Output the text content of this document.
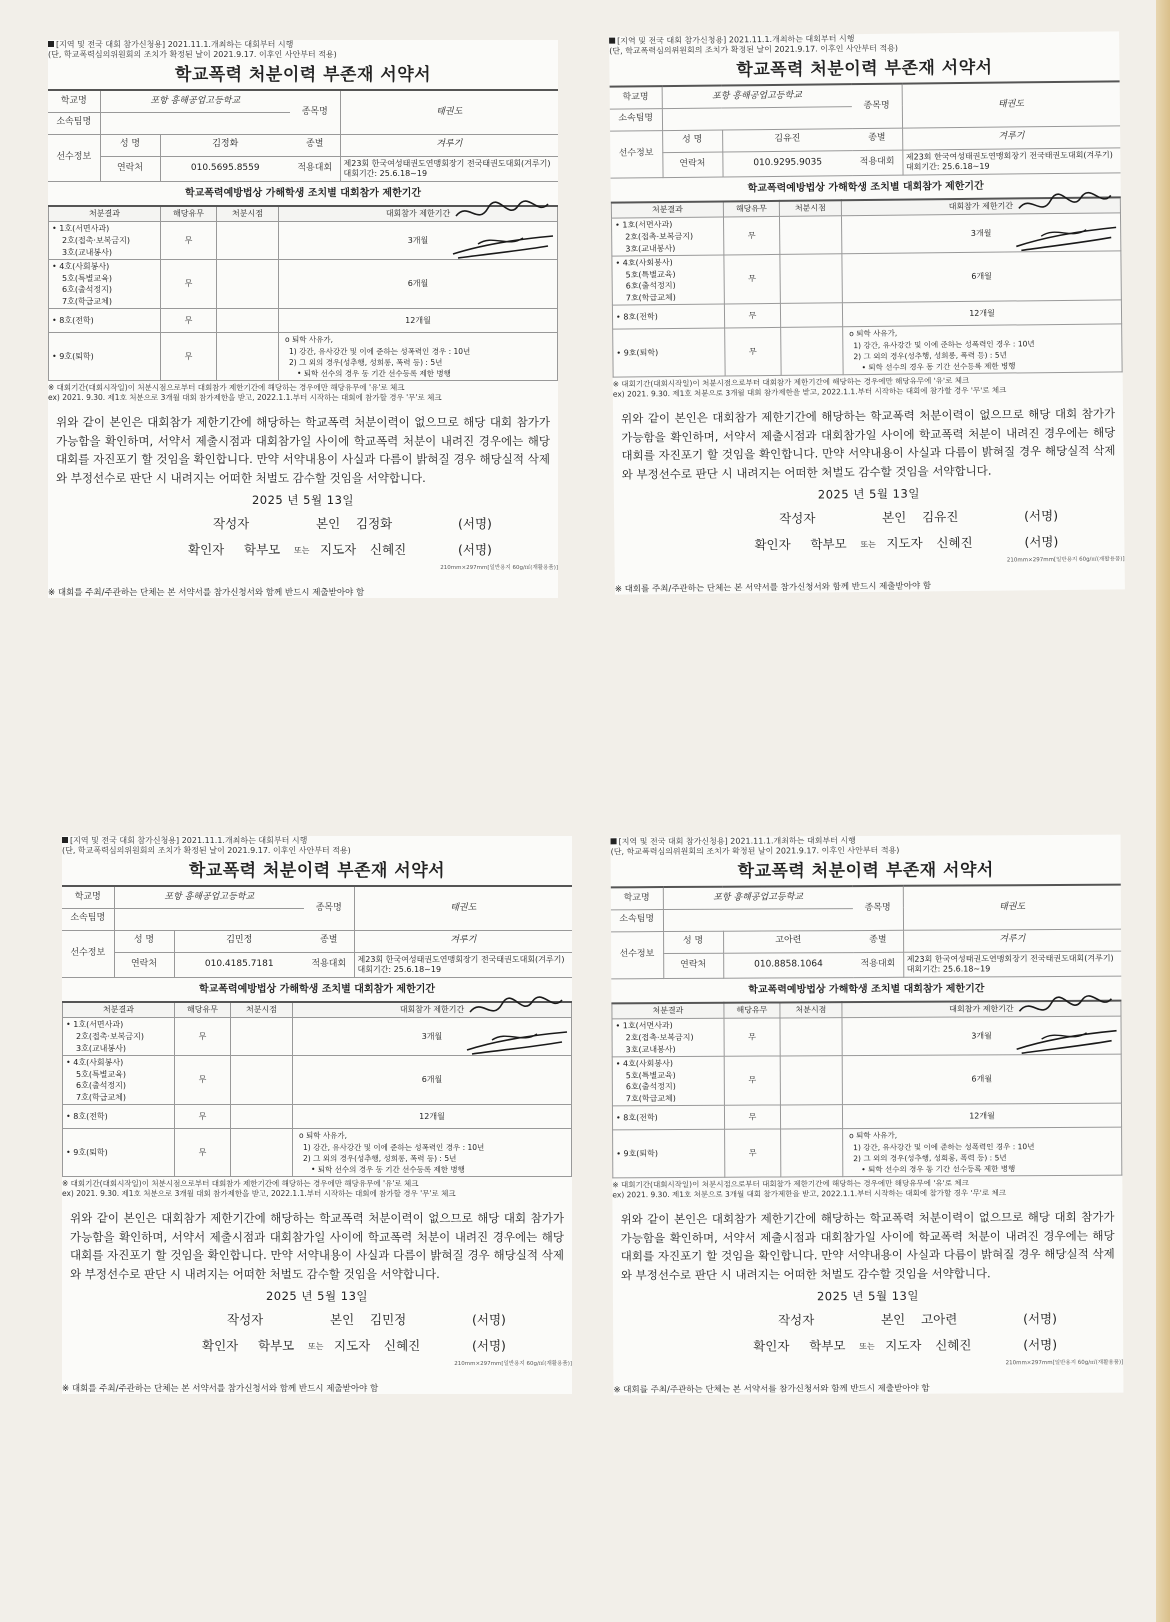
[지역 및 전국 대회 참가신청용] 2021.11.1.개최하는 대회부터 시행
(단, 학교폭력심의위원회의 조치가 확정된 날이 2021.9.17. 이후인 사안부터 적용)
학교폭력 처분이력 부존재 서약서
학교명	포항 흥해공업고등학교		종목명	태권도
소속팀명				
선수정보	성 명	김정화	종별	겨루기
	연락처	010.5695.8559	적용대회	제23회 한국여성태권도연맹회장기 전국태권도대회(겨루기)
대회기간: 25.6.18~19
학교폭력예방법상 가해학생 조치별 대회참가 제한기간
처분결과	해당유무	처분시점	대회참가 제한기간

• 1호(서면사과)
2호(접촉·보복금지)
3호(교내봉사)	무		3개월

• 4호(사회봉사)
5호(특별교육)
6호(출석정지)
7호(학급교체)	무		6개월

• 8호(전학)	무		12개월

• 9호(퇴학)	무		o 퇴학 사유가,
1) 강간, 유사강간 및 이에 준하는 성폭력인 경우 : 10년
2) 그 외의 경우(성추행, 성희롱, 폭력 등) : 5년
• 퇴학 선수의 경우 동 기간 선수등록 제한 병행
※ 대회기간(대회시작일)이 처분시점으로부터 대회참가 제한기간에 해당하는 경우에만 해당유무에 '유'로 체크
ex) 2021. 9.30. 제1호 처분으로 3개월 대회 참가제한을 받고, 2022.1.1.부터 시작하는 대회에 참가할 경우 '무'로 체크
위와 같이 본인은 대회참가 제한기간에 해당하는 학교폭력 처분이력이 없으므로 해당 대회 참가가 가능함을 확인하며, 서약서 제출시점과 대회참가일 사이에 학교폭력 처분이 내려진 경우에는 해당대회를 자진포기 할 것임을 확인합니다. 만약 서약내용이 사실과 다름이 밝혀질 경우 해당실적 삭제와 부정선수로 판단 시 내려지는 어떠한 처벌도 감수할 것임을 서약합니다.
2025 년 5월 13일
작성자	본인 김정화	(서명)
확인자 학부모 또는 지도자 신혜진	(서명)
210mm×297mm[일반용지 60g/㎡(재활용품)]
※ 대회를 주최/주관하는 단체는 본 서약서를 참가신청서와 함께 반드시 제출받아야 함
[지역 및 전국 대회 참가신청용] 2021.11.1.개최하는 대회부터 시행
(단, 학교폭력심의위원회의 조치가 확정된 날이 2021.9.17. 이후인 사안부터 적용)
학교폭력 처분이력 부존재 서약서
학교명	포항 흥해공업고등학교		종목명	태권도
소속팀명				
선수정보	성 명	김유진	종별	겨루기
	연락처	010.9295.9035	적용대회	제23회 한국여성태권도연맹회장기 전국태권도대회(겨루기)
대회기간: 25.6.18~19
학교폭력예방법상 가해학생 조치별 대회참가 제한기간
처분결과	해당유무	처분시점	대회참가 제한기간

• 1호(서면사과)
2호(접촉·보복금지)
3호(교내봉사)	무		3개월

• 4호(사회봉사)
5호(특별교육)
6호(출석정지)
7호(학급교체)	무		6개월

• 8호(전학)	무		12개월

• 9호(퇴학)	무		o 퇴학 사유가,
1) 강간, 유사강간 및 이에 준하는 성폭력인 경우 : 10년
2) 그 외의 경우(성추행, 성희롱, 폭력 등) : 5년
• 퇴학 선수의 경우 동 기간 선수등록 제한 병행
※ 대회기간(대회시작일)이 처분시점으로부터 대회참가 제한기간에 해당하는 경우에만 해당유무에 '유'로 체크
ex) 2021. 9.30. 제1호 처분으로 3개월 대회 참가제한을 받고, 2022.1.1.부터 시작하는 대회에 참가할 경우 '무'로 체크
위와 같이 본인은 대회참가 제한기간에 해당하는 학교폭력 처분이력이 없으므로 해당 대회 참가가 가능함을 확인하며, 서약서 제출시점과 대회참가일 사이에 학교폭력 처분이 내려진 경우에는 해당대회를 자진포기 할 것임을 확인합니다. 만약 서약내용이 사실과 다름이 밝혀질 경우 해당실적 삭제와 부정선수로 판단 시 내려지는 어떠한 처벌도 감수할 것임을 서약합니다.
2025 년 5월 13일
작성자	본인 김유진	(서명)
확인자 학부모 또는 지도자 신혜진	(서명)
210mm×297mm[일반용지 60g/㎡(재활용품)]
※ 대회를 주최/주관하는 단체는 본 서약서를 참가신청서와 함께 반드시 제출받아야 함
[지역 및 전국 대회 참가신청용] 2021.11.1.개최하는 대회부터 시행
(단, 학교폭력심의위원회의 조치가 확정된 날이 2021.9.17. 이후인 사안부터 적용)
학교폭력 처분이력 부존재 서약서
학교명	포항 흥해공업고등학교		종목명	태권도
소속팀명				
선수정보	성 명	김민정	종별	겨루기
	연락처	010.4185.7181	적용대회	제23회 한국여성태권도연맹회장기 전국태권도대회(겨루기)
대회기간: 25.6.18~19
학교폭력예방법상 가해학생 조치별 대회참가 제한기간
처분결과	해당유무	처분시점	대회참가 제한기간

• 1호(서면사과)
2호(접촉·보복금지)
3호(교내봉사)	무		3개월

• 4호(사회봉사)
5호(특별교육)
6호(출석정지)
7호(학급교체)	무		6개월

• 8호(전학)	무		12개월

• 9호(퇴학)	무		o 퇴학 사유가,
1) 강간, 유사강간 및 이에 준하는 성폭력인 경우 : 10년
2) 그 외의 경우(성추행, 성희롱, 폭력 등) : 5년
• 퇴학 선수의 경우 동 기간 선수등록 제한 병행
※ 대회기간(대회시작일)이 처분시점으로부터 대회참가 제한기간에 해당하는 경우에만 해당유무에 '유'로 체크
ex) 2021. 9.30. 제1호 처분으로 3개월 대회 참가제한을 받고, 2022.1.1.부터 시작하는 대회에 참가할 경우 '무'로 체크
위와 같이 본인은 대회참가 제한기간에 해당하는 학교폭력 처분이력이 없으므로 해당 대회 참가가 가능함을 확인하며, 서약서 제출시점과 대회참가일 사이에 학교폭력 처분이 내려진 경우에는 해당대회를 자진포기 할 것임을 확인합니다. 만약 서약내용이 사실과 다름이 밝혀질 경우 해당실적 삭제와 부정선수로 판단 시 내려지는 어떠한 처벌도 감수할 것임을 서약합니다.
2025 년 5월 13일
작성자	본인 김민정	(서명)
확인자 학부모 또는 지도자 신혜진	(서명)
210mm×297mm[일반용지 60g/㎡(재활용품)]
※ 대회를 주최/주관하는 단체는 본 서약서를 참가신청서와 함께 반드시 제출받아야 함
[지역 및 전국 대회 참가신청용] 2021.11.1.개최하는 대회부터 시행
(단, 학교폭력심의위원회의 조치가 확정된 날이 2021.9.17. 이후인 사안부터 적용)
학교폭력 처분이력 부존재 서약서
학교명	포항 흥해공업고등학교		종목명	태권도
소속팀명				
선수정보	성 명	고아련	종별	겨루기
	연락처	010.8858.1064	적용대회	제23회 한국여성태권도연맹회장기 전국태권도대회(겨루기)
대회기간: 25.6.18~19
학교폭력예방법상 가해학생 조치별 대회참가 제한기간
처분결과	해당유무	처분시점	대회참가 제한기간

• 1호(서면사과)
2호(접촉·보복금지)
3호(교내봉사)	무		3개월

• 4호(사회봉사)
5호(특별교육)
6호(출석정지)
7호(학급교체)	무		6개월

• 8호(전학)	무		12개월

• 9호(퇴학)	무		o 퇴학 사유가,
1) 강간, 유사강간 및 이에 준하는 성폭력인 경우 : 10년
2) 그 외의 경우(성추행, 성희롱, 폭력 등) : 5년
• 퇴학 선수의 경우 동 기간 선수등록 제한 병행
※ 대회기간(대회시작일)이 처분시점으로부터 대회참가 제한기간에 해당하는 경우에만 해당유무에 '유'로 체크
ex) 2021. 9.30. 제1호 처분으로 3개월 대회 참가제한을 받고, 2022.1.1.부터 시작하는 대회에 참가할 경우 '무'로 체크
위와 같이 본인은 대회참가 제한기간에 해당하는 학교폭력 처분이력이 없으므로 해당 대회 참가가 가능함을 확인하며, 서약서 제출시점과 대회참가일 사이에 학교폭력 처분이 내려진 경우에는 해당대회를 자진포기 할 것임을 확인합니다. 만약 서약내용이 사실과 다름이 밝혀질 경우 해당실적 삭제와 부정선수로 판단 시 내려지는 어떠한 처벌도 감수할 것임을 서약합니다.
2025 년 5월 13일
작성자	본인 고아련	(서명)
확인자 학부모 또는 지도자 신혜진	(서명)
210mm×297mm[일반용지 60g/㎡(재활용품)]
※ 대회를 주최/주관하는 단체는 본 서약서를 참가신청서와 함께 반드시 제출받아야 함
